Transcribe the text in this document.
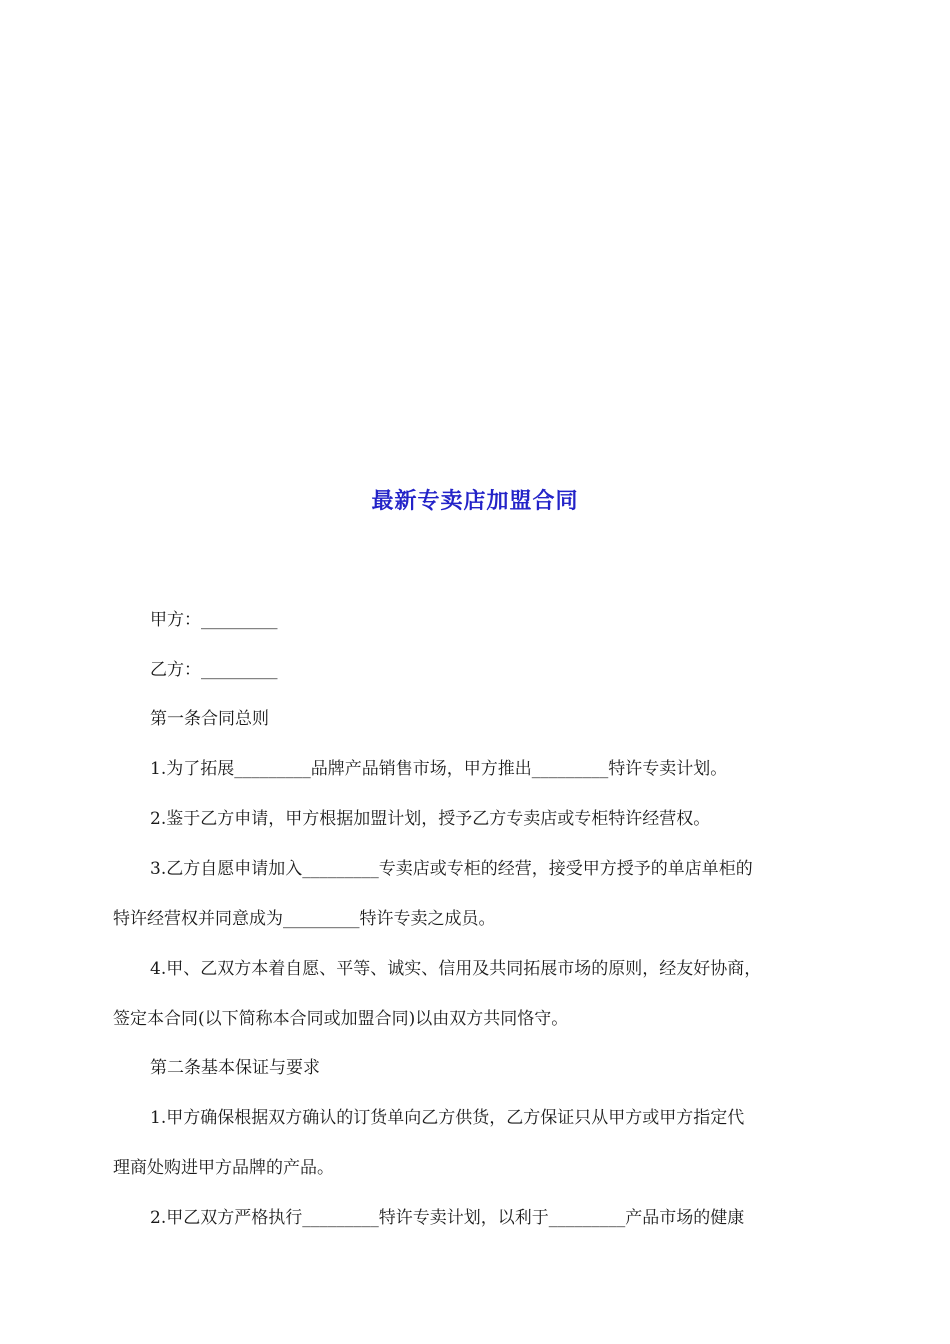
最新专卖店加盟合同

甲方：_________

乙方：_________

第一条合同总则

1.为了拓展_________品牌产品销售市场，甲方推出_________特许专卖计划。

2.鉴于乙方申请，甲方根据加盟计划，授予乙方专卖店或专柜特许经营权。

3.乙方自愿申请加入_________专卖店或专柜的经营，接受甲方授予的单店单柜的

特许经营权并同意成为_________特许专卖之成员。

4.甲、乙双方本着自愿、平等、诚实、信用及共同拓展市场的原则，经友好协商，

签定本合同(以下简称本合同或加盟合同)以由双方共同恪守。

第二条基本保证与要求

1.甲方确保根据双方确认的订货单向乙方供货，乙方保证只从甲方或甲方指定代

理商处购进甲方品牌的产品。

2.甲乙双方严格执行_________特许专卖计划，以利于_________产品市场的健康
